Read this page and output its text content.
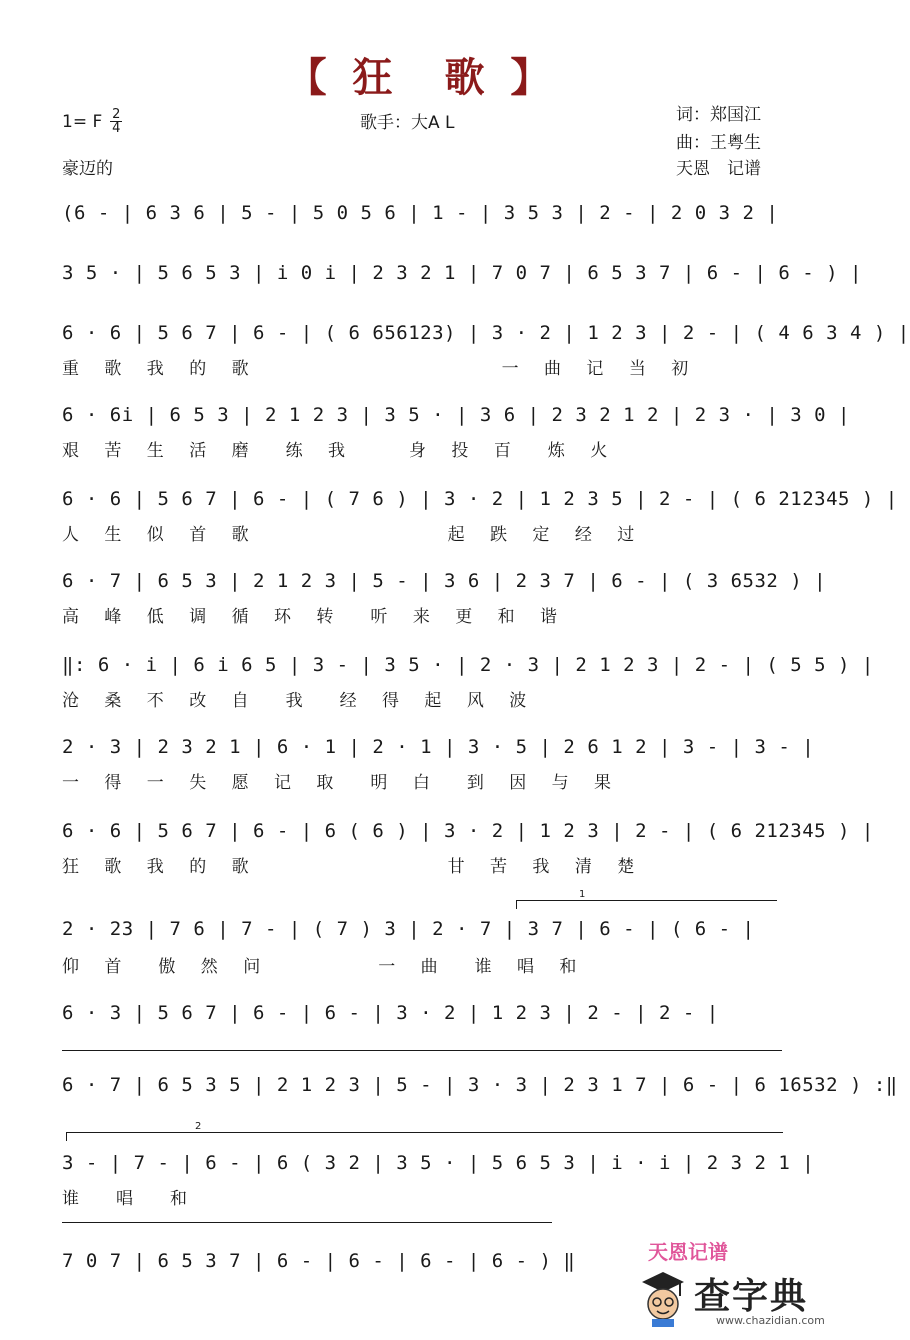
【 狂　歌 】
1= F 2
4	歌手：大A L	词：郑国江
曲：王粤生
豪迈的	天恩　记谱
(6 - | 6 3 6 | 5 - | 5 0 5 6 | 1 - | 3 5 3 | 2 - | 2 0 3 2 |
3 5 · | 5 6 5 3 | i 0 i | 2 3 2 1 | 7 0 7 | 6 5 3 7 | 6 - | 6 - ) |
6 · 6 | 5 6 7 | 6 - | ( 6 656123) | 3 · 2 | 1 2 3 | 2 - | ( 4 6 3 4 ) |
重 歌 我 的 歌　　　　　　　　　一 曲 记 当 初
6 · 6i | 6 5 3 | 2 1 2 3 | 3 5 · | 3 6 | 2 3 2 1 2 | 2 3 · | 3 0 |
艰 苦 生 活 磨　练 我　　身 投 百　炼 火
6 · 6 | 5 6 7 | 6 - | ( 7 6 ) | 3 · 2 | 1 2 3 5 | 2 - | ( 6 212345 ) |
人 生 似 首 歌　　　　　　　起 跌 定 经 过
6 · 7 | 6 5 3 | 2 1 2 3 | 5 - | 3 6 | 2 3 7 | 6 - | ( 3 6532 ) |
高 峰 低 调 循 环 转　听 来 更 和 谐
‖: 6 · i | 6 i 6 5 | 3 - | 3 5 · | 2 · 3 | 2 1 2 3 | 2 - | ( 5 5 ) |
沧 桑 不 改 自　我　经 得 起 风 波
2 · 3 | 2 3 2 1 | 6 · 1 | 2 · 1 | 3 · 5 | 2 6 1 2 | 3 - | 3 - |
一 得 一 失 愿 记 取　明 白　到 因 与 果
6 · 6 | 5 6 7 | 6 - | 6 ( 6 ) | 3 · 2 | 1 2 3 | 2 - | ( 6 212345 ) |
狂 歌 我 的 歌　　　　　　　甘 苦 我 清 楚
1
2 · 23 | 7 6 | 7 - | ( 7 ) 3 | 2 · 7 | 3 7 | 6 - | ( 6 - |
仰 首　傲 然 问　　　　一 曲　谁 唱 和
6 · 3 | 5 6 7 | 6 - | 6 - | 3 · 2 | 1 2 3 | 2 - | 2 - |
6 · 7 | 6 5 3 5 | 2 1 2 3 | 5 - | 3 · 3 | 2 3 1 7 | 6 - | 6 16532 ) :‖
2
3 - | 7 - | 6 - | 6 ( 3 2 | 3 5 · | 5 6 5 3 | i · i | 2 3 2 1 |
谁　唱　和
7 0 7 | 6 5 3 7 | 6 - | 6 - | 6 - | 6 - ) ‖	天恩记谱
查字典
www.chazidian.com
